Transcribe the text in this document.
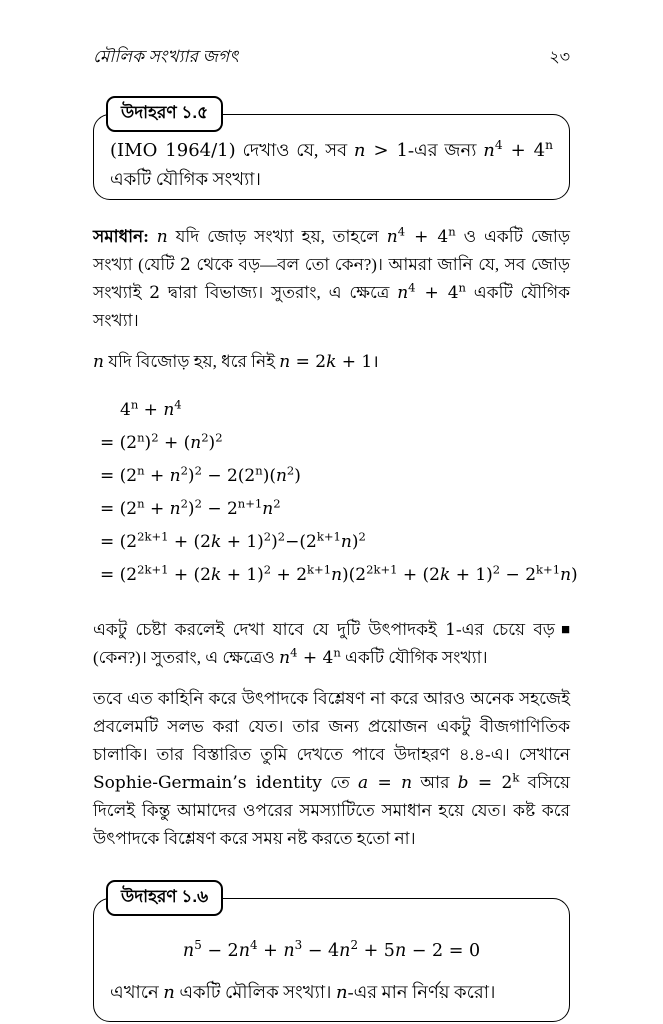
মৌলিক সংখ্যার জগৎ	২৩
উদাহরণ ১.৫

(IMO 1964/1) দেখাও যে, সব n > 1-এর জন্য $n^4 + 4^n$ একটি যৌগিক সংখ্যা।

সমাধান: n যদি জোড় সংখ্যা হয়, তাহলে $n^4 + 4^n$ ও একটি জোড় সংখ্যা (যেটি 2 থেকে বড়—বল তো কেন?)। আমরা জানি যে, সব জোড় সংখ্যাই 2 দ্বারা বিভাজ্য। সুতরাং, এ ক্ষেত্রে $n^4 + 4^n$ একটি যৌগিক সংখ্যা।

n যদি বিজোড় হয়, ধরে নিই n = 2k + 1।

$4^n + n^4$
= $(2^n)^2 + (n^2)^2$
= $(2^n + n^2)^2 - 2(2^n)(n^2)$
= $(2^n + n^2)^2 - 2^{n+1}n^2$
= $(2^{2k+1} + (2k + 1)^2)^2-(2^{k+1}n)^2$
= $(2^{2k+1} + (2k + 1)^2 + 2^{k+1}n)(2^{2k+1} + (2k + 1)^2 - 2^{k+1}n)$

■
একটু চেষ্টা করলেই দেখা যাবে যে দুটি উৎপাদকই 1-এর চেয়ে বড় (কেন?)। সুতরাং, এ ক্ষেত্রেও $n^4 + 4^n$ একটি যৌগিক সংখ্যা।

তবে এত কাহিনি করে উৎপাদকে বিশ্লেষণ না করে আরও অনেক সহজেই প্রবলেমটি সলভ করা যেত। তার জন্য প্রয়োজন একটু বীজগাণিতিক চালাকি। তার বিস্তারিত তুমি দেখতে পাবে উদাহরণ ৪.৪-এ। সেখানে Sophie-Germain’s identity তে a = n আর $b = 2^k$ বসিয়ে দিলেই কিন্তু আমাদের ওপরের সমস্যাটিতে সমাধান হয়ে যেত। কষ্ট করে উৎপাদকে বিশ্লেষণ করে সময় নষ্ট করতে হতো না।

উদাহরণ ১.৬
$n^5 - 2n^4 + n^3 - 4n^2 + 5n - 2 = 0$

এখানে n একটি মৌলিক সংখ্যা। n-এর মান নির্ণয় করো।
